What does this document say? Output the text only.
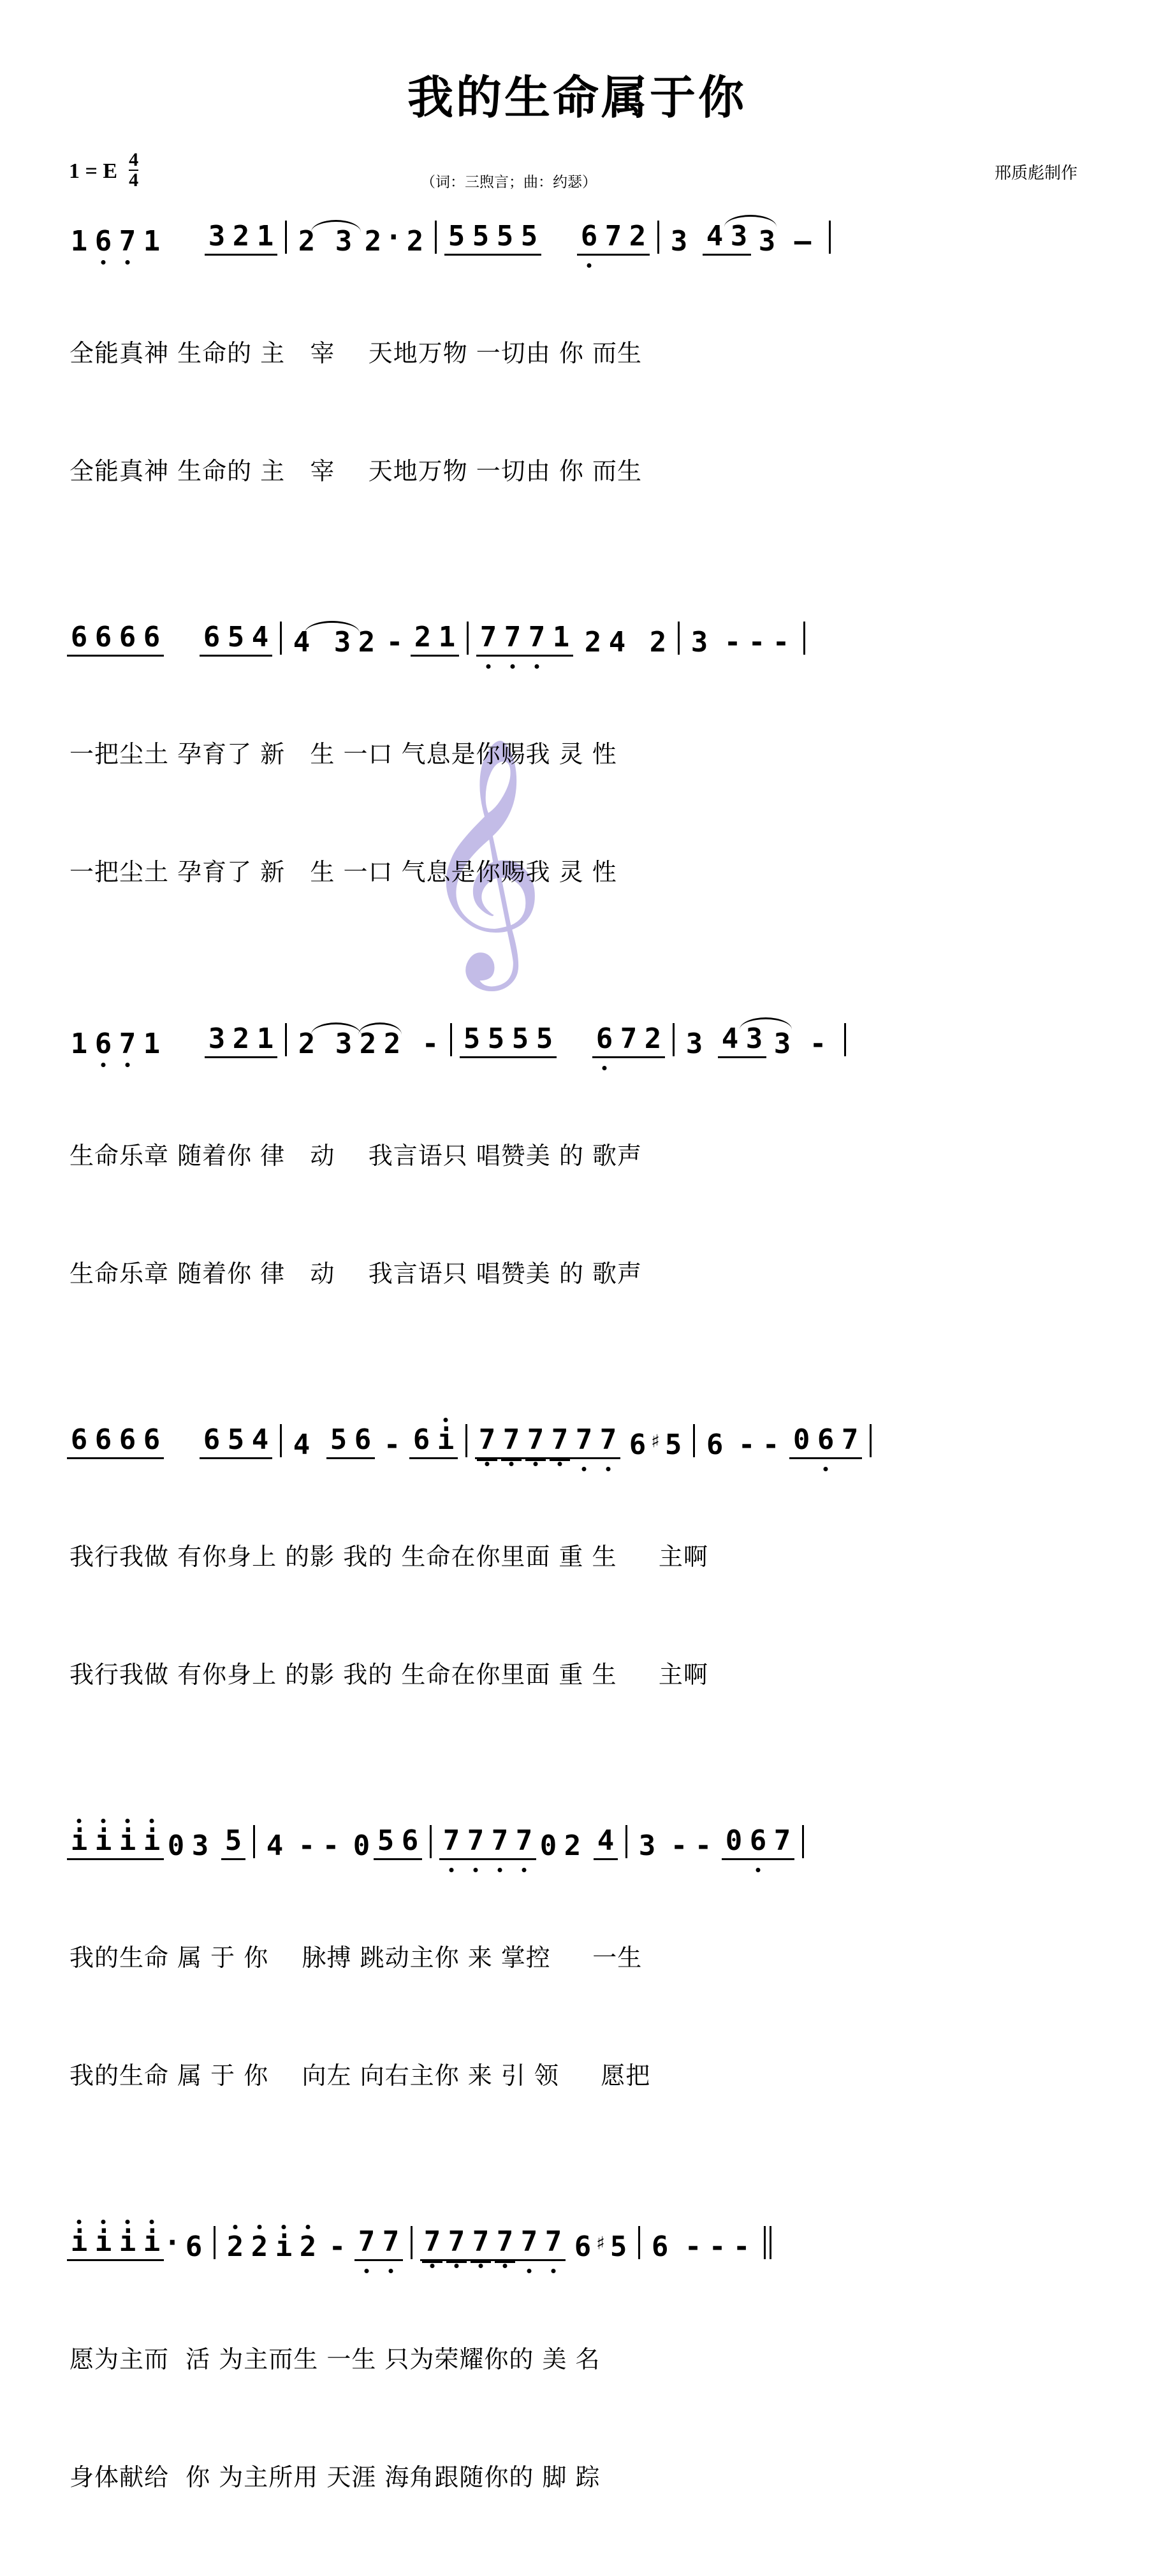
我的生命属于你
1 = E $\frac{4}{4}$	（词：三煦言；曲：约瑟）	邢质彪制作
𝄞
1 6 7 1 3 2 1 2 3 2 · 2 5 5 5 5 6 7 2 3 4 3 3 –

全能真神 生命的 主   宰    天地万物 一切由 你 而生

全能真神 生命的 主   宰    天地万物 一切由 你 而生

6 6 6 6 6 5 4 4 3 2 - 2 1 7 7 7 1 2 4 2 3 - - -

一把尘土 孕育了 新   生 一口 气息是你赐我 灵 性

一把尘土 孕育了 新   生 一口 气息是你赐我 灵 性

1 6 7 1 3 2 1 2 3 2 2 - 5 5 5 5 6 7 2 3 4 3 3 -

生命乐章 随着你 律   动    我言语只 唱赞美 的 歌声

生命乐章 随着你 律   动    我言语只 唱赞美 的 歌声

6 6 6 6 6 5 4 4 5 6 - 6 i 7 7 7 7 7 7 6 ♯ 5 6 - - 0 6 7

我行我做 有你身上 的影 我的 生命在你里面 重 生     主啊

我行我做 有你身上 的影 我的 生命在你里面 重 生     主啊

i i i i 0 3 5 4 - - 0 5 6 7 7 7 7 0 2 4 3 - - 0 6 7

我的生命 属 于 你    脉搏 跳动主你 来 掌控     一生

我的生命 属 于 你    向左 向右主你 来 引 领     愿把

i i i i · 6 2 2 i 2 - 7 7 7 7 7 7 7 7 6 ♯ 5 6 - - -

愿为主而  活 为主而生 一生 只为荣耀你的 美 名

身体献给  你 为主所用 天涯 海角跟随你的 脚 踪
